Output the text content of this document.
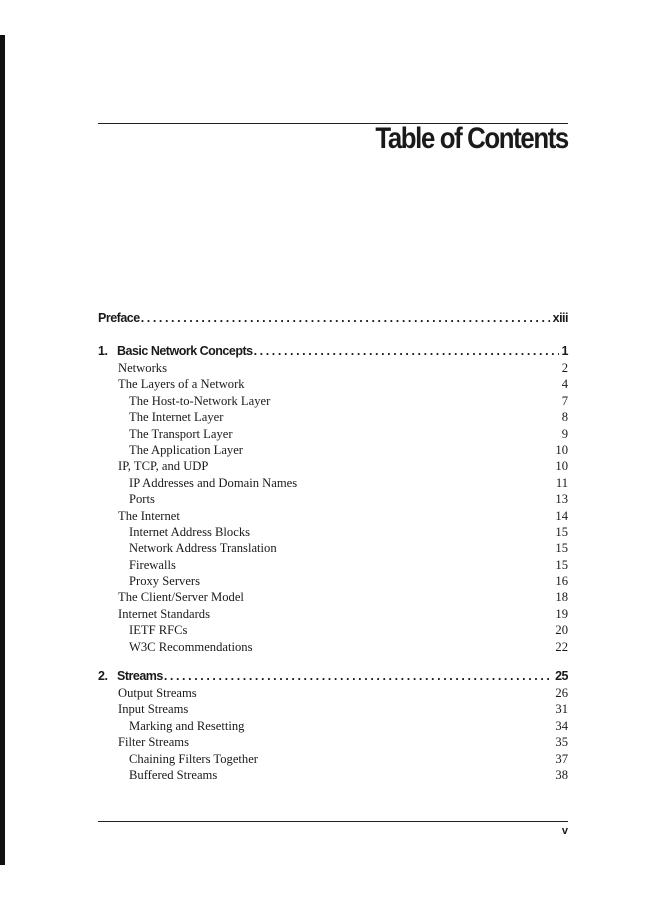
Table of Contents
Preface .....	xiii
1. Basic Network Concepts .....	1
Networks	2
The Layers of a Network	4
The Host-to-Network Layer	7
The Internet Layer	8
The Transport Layer	9
The Application Layer	10
IP, TCP, and UDP	10
IP Addresses and Domain Names	11
Ports	13
The Internet	14
Internet Address Blocks	15
Network Address Translation	15
Firewalls	15
Proxy Servers	16
The Client/Server Model	18
Internet Standards	19
IETF RFCs	20
W3C Recommendations	22
2. Streams .....	25
Output Streams	26
Input Streams	31
Marking and Resetting	34
Filter Streams	35
Chaining Filters Together	37
Buffered Streams	38
v
